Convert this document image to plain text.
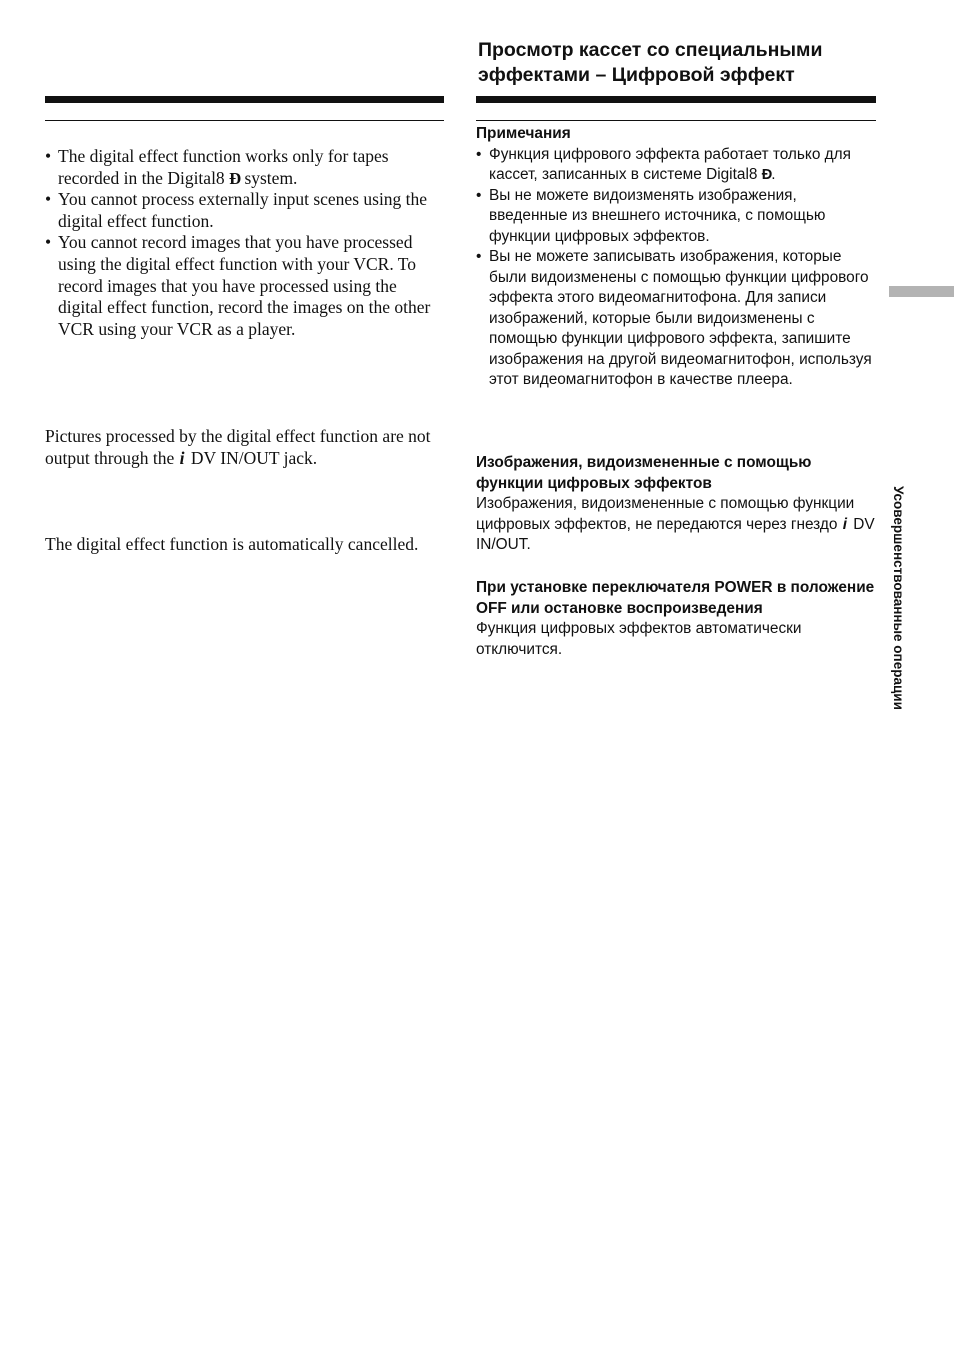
Просмотр кассет со специальными эффектами – Цифровой эффект
• The digital effect function works only for tapes recorded in the Digital8 Ð system.
• You cannot process externally input scenes using the digital effect function.
• You cannot record images that you have processed using the digital effect function with your VCR. To record images that you have processed using the digital effect function, record the images on the other VCR using your VCR as a player.

Pictures processed by the digital effect function are not output through the i DV IN/OUT jack.

The digital effect function is automatically cancelled.

Примечания

• Функция цифрового эффекта работает только для кассет, записанных в системе Digital8 Ð.
• Вы не можете видоизменять изображения, введенные из внешнего источника, с помощью функции цифровых эффектов.
• Вы не можете записывать изображения, которые были видоизменены с помощью функции цифрового эффекта этого видеомагнитофона. Для записи изображений, которые были видоизменены с помощью функции цифрового эффекта, запишите изображения на другой видеомагнитофон, используя этот видеомагнитофон в качестве плеера.

Изображения, видоизмененные с помощью функции цифровых эффектов

Изображения, видоизмененные с помощью функции цифровых эффектов, не передаются через гнездо i DV IN/OUT.

При установке переключателя POWER в положение OFF или остановке воспроизведения

Функция цифровых эффектов автоматически отключится.	Усовершенствованные операции
